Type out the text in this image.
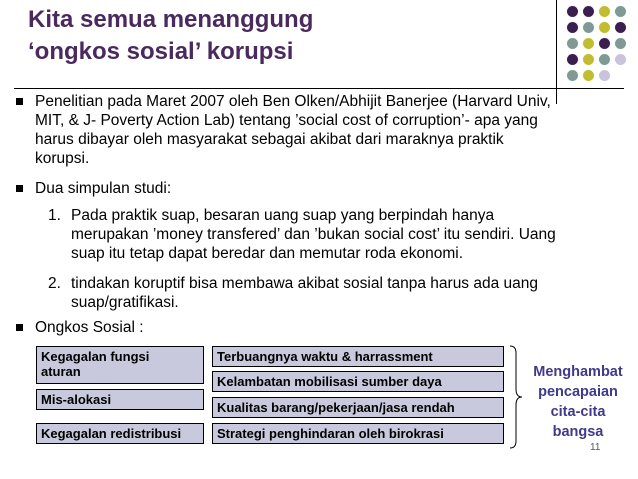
Kita semua menanggung
‘ongkos sosial’ korupsi
Penelitian pada Maret 2007 oleh Ben Olken/Abhijit Banerjee (Harvard Univ,
MIT, & J- Poverty Action Lab) tentang ’social cost of corruption’- apa yang
harus dibayar oleh masyarakat sebagai akibat dari maraknya praktik
korupsi.
Dua simpulan studi:
1. Pada praktik suap, besaran uang suap yang berpindah hanya
merupakan ’money transfered’ dan ’bukan social cost’ itu sendiri. Uang
suap itu tetap dapat beredar dan memutar roda ekonomi.
2. tindakan koruptif bisa membawa akibat sosial tanpa harus ada uang
suap/gratifikasi.
Ongkos Sosial :
Kegagalan fungsi
aturan
Mis-alokasi
Kegagalan redistribusi
Terbuangnya waktu & harrassment
Kelambatan mobilisasi sumber daya
Kualitas barang/pekerjaan/jasa rendah
Strategi penghindaran oleh birokrasi
Menghambat
pencapaian
cita-cita
bangsa
11
